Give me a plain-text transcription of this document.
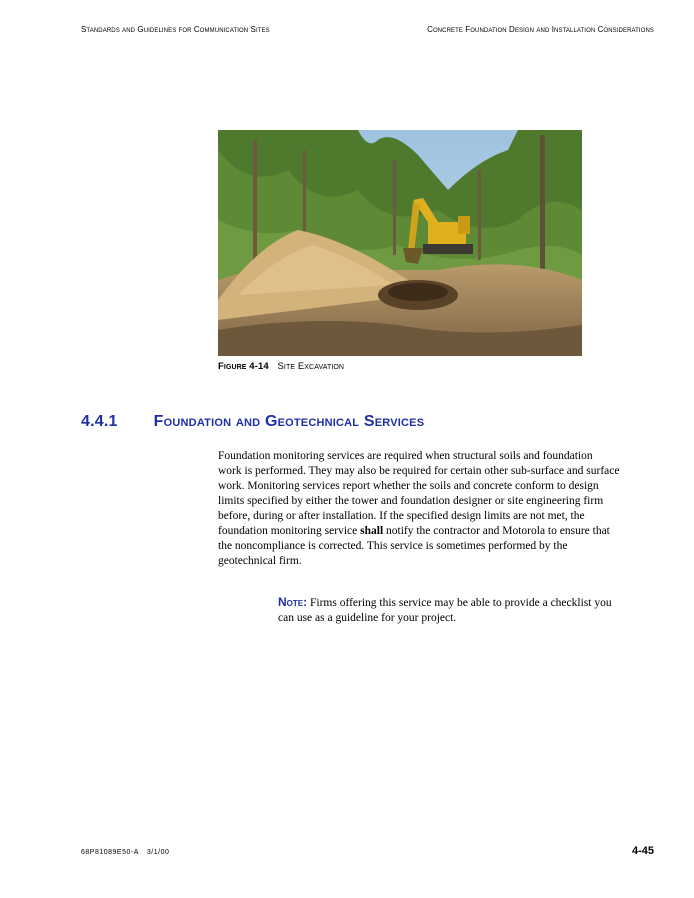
Standards and Guidelines for Communication Sites	Concrete Foundation Design and Installation Considerations
Figure 4-14 Site Excavation
4.4.1 Foundation and Geotechnical Services

Foundation monitoring services are required when structural soils and foundation
work is performed. They may also be required for certain other sub-surface and surface
work. Monitoring services report whether the soils and concrete conform to design
limits specified by either the tower and foundation designer or site engineering firm
before, during or after installation. If the specified design limits are not met, the
foundation monitoring service shall notify the contractor and Motorola to ensure that
the noncompliance is corrected. This service is sometimes performed by the
geotechnical firm.

Note: Firms offering this service may be able to provide a checklist you
can use as a guideline for your project.

68P81089E50-A 3/1/00	4-45
